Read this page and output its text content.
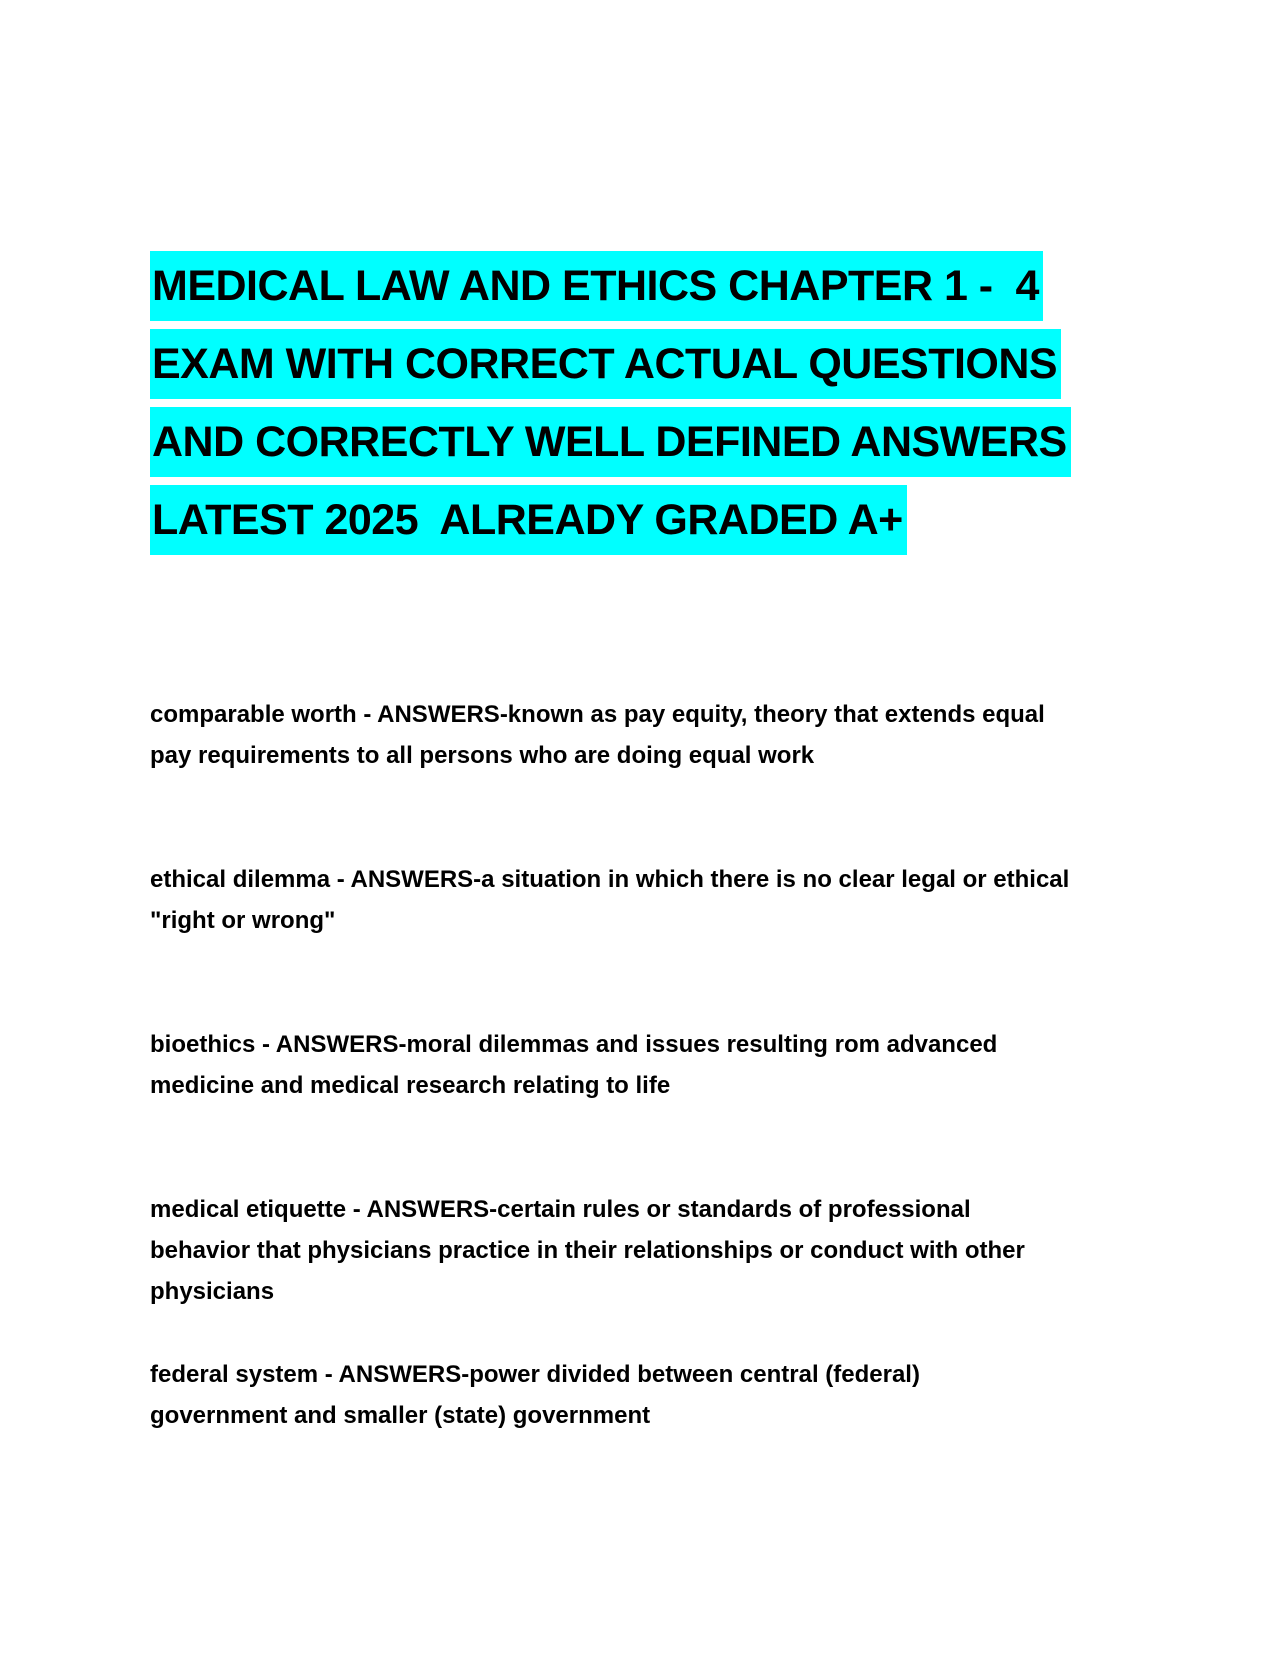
MEDICAL LAW AND ETHICS CHAPTER 1 -  4
EXAM WITH CORRECT ACTUAL QUESTIONS
AND CORRECTLY WELL DEFINED ANSWERS
LATEST 2025  ALREADY GRADED A+

comparable worth - ANSWERS-known as pay equity, theory that extends equal
pay requirements to all persons who are doing equal work

ethical dilemma - ANSWERS-a situation in which there is no clear legal or ethical
"right or wrong"

bioethics - ANSWERS-moral dilemmas and issues resulting rom advanced
medicine and medical research relating to life

medical etiquette - ANSWERS-certain rules or standards of professional
behavior that physicians practice in their relationships or conduct with other
physicians

federal system - ANSWERS-power divided between central (federal)
government and smaller (state) government
